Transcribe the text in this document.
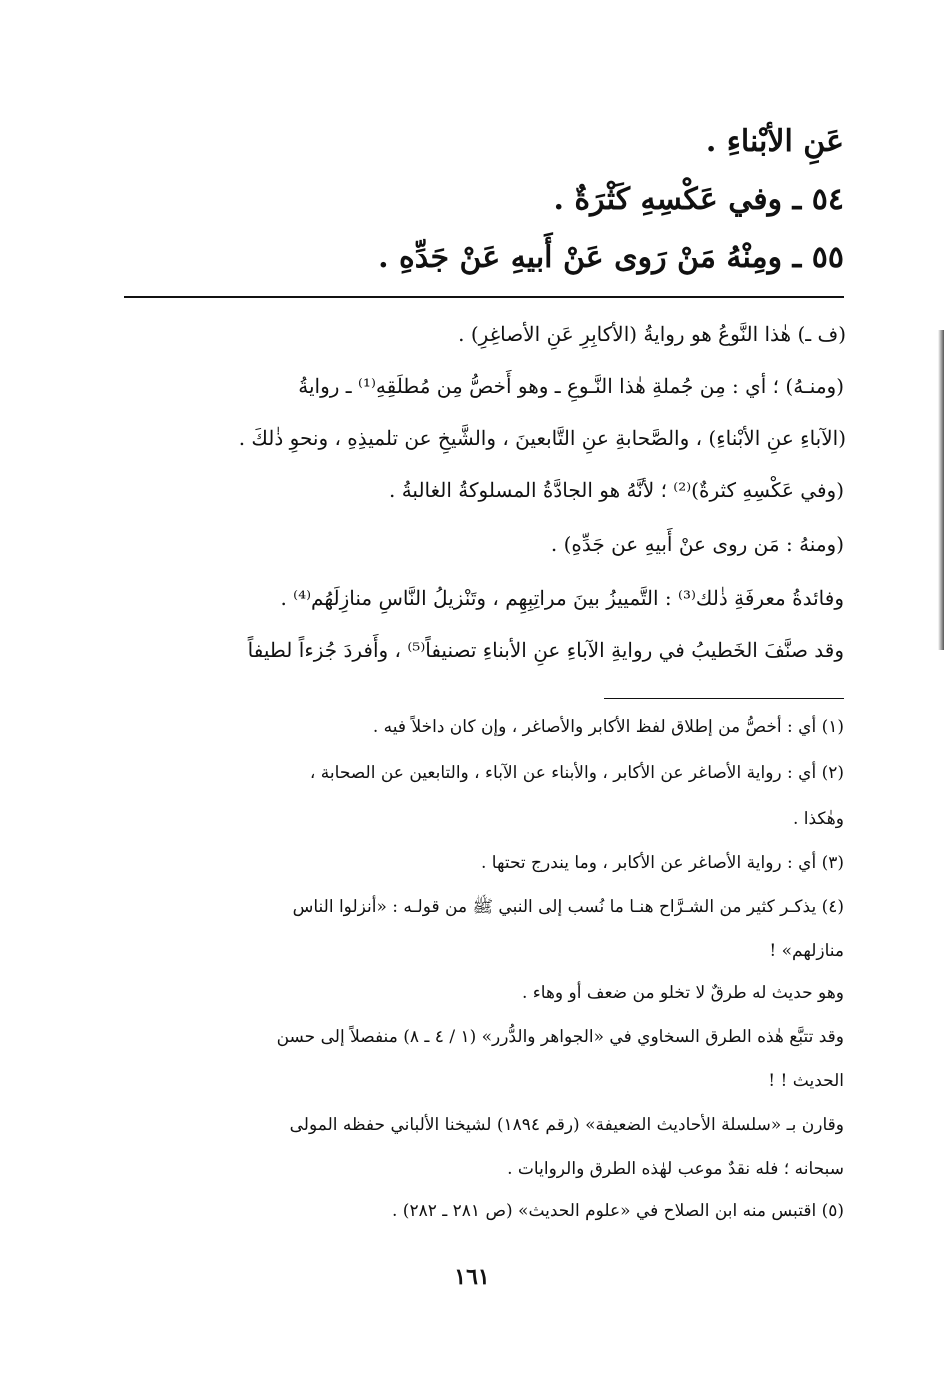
عَنِ الأبْناءِ .
٥٤ ـ وفي عَكْسِهِ كَثْرَةٌ .
٥٥ ـ ومِنْهُ مَنْ رَوى عَنْ أَبيهِ عَنْ جَدِّهِ .
(ف ـ) هٰذا النَّوعُ هو روايةُ (الأكابِرِ عَنِ الأصاغِرِ) .
(ومنـهُ) ؛ أي : مِن جُملةِ هٰذا النَّـوعِ ـ وهو أَخصُّ مِن مُطلَقِهِ⁽¹⁾ ـ روايةُ
(الآباءِ عنِ الأبْناءِ) ، والصَّحابةِ عنِ التَّابعينَ ، والشَّيخِ عن تلميذِهِ ، ونحوِ ذٰلكَ .
(وفي عَكْسِهِ كثرةٌ)⁽²⁾ ؛ لأنَّهُ هو الجادَّةُ المسلوكةُ الغالبةُ .
(ومنهُ : مَن روى عنْ أَبيهِ عن جَدِّهِ) .
وفائدةُ معرفَةِ ذٰلك⁽³⁾ : التَّمييزُ بينَ مراتِبِهِم ، وتَنْزيلُ النَّاسِ منازِلَهُم⁽⁴⁾ .
وقد صنَّفَ الخَطيبُ في روايةِ الآباءِ عنِ الأبناءِ تصنيفاً⁽⁵⁾ ، وأَفردَ جُزءاً لطيفاً
(١) أي : أخصُّ من إطلاق لفظ الأكابر والأصاغر ، وإن كان داخلاً فيه .
(٢) أي : رواية الأصاغر عن الأكابر ، والأبناء عن الآباء ، والتابعين عن الصحابة ،
وهٰكذا .
(٣) أي : رواية الأصاغر عن الأكابر ، وما يندرج تحتها .
(٤) يذكـر كثير من الشـرَّاح هنـا ما نُسب إلى النبي ﷺ من قولـه : «أنزلوا الناس
منازلهم» !
وهو حديث له طرقٌ لا تخلو من ضعف أو وهاء .
وقد تتبَّع هٰذه الطرق السخاوي في «الجواهر والدُّرر» (١ / ٤ ـ ٨) منفصلاً إلى حسن
الحديث ! !
وقارن بـ «سلسلة الأحاديث الضعيفة» (رقم ١٨٩٤) لشيخنا الألباني حفظه المولى
سبحانه ؛ فله نقدٌ موعب لهٰذه الطرق والروايات .
(٥) اقتبس منه ابن الصلاح في «علوم الحديث» (ص ٢٨١ ـ ٢٨٢) .
١٦١
